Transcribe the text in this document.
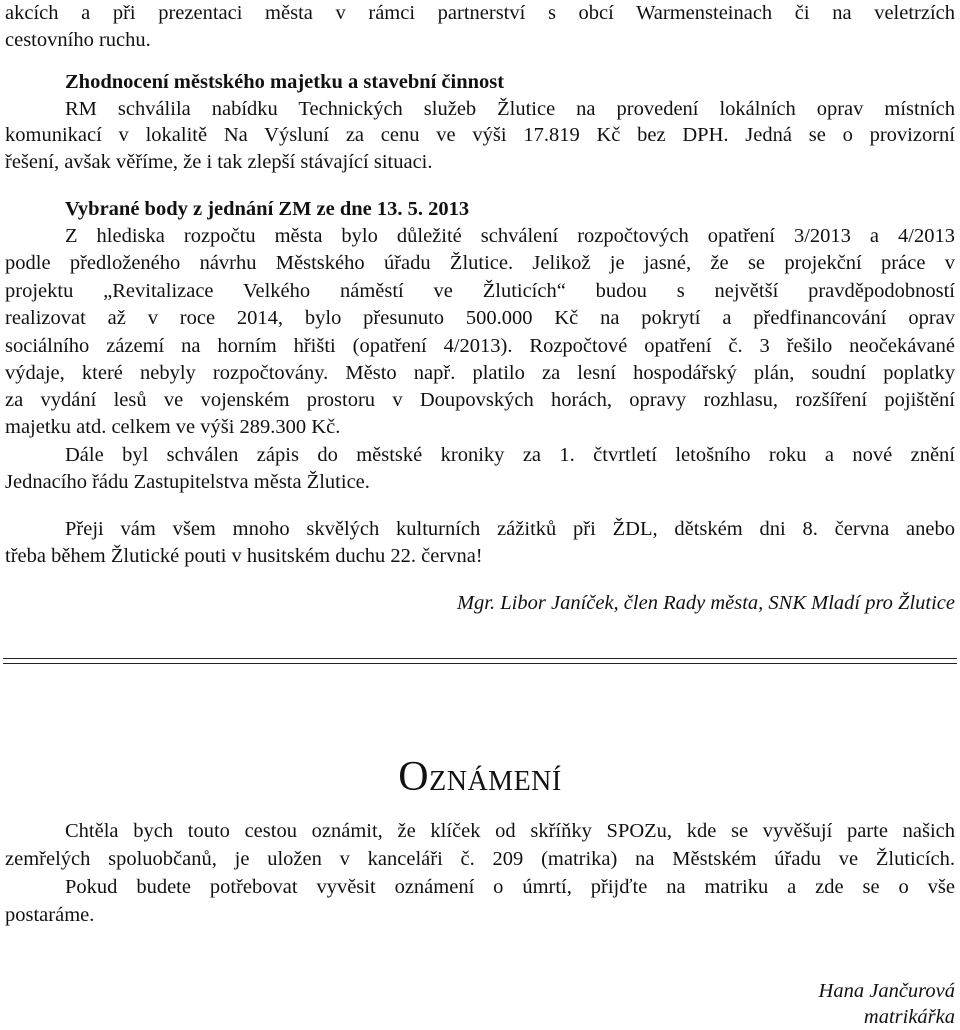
akcích a při prezentaci města v rámci partnerství s obcí Warmensteinach či na veletrzích
cestovního ruchu.
Zhodnocení městského majetku a stavební činnost
RM schválila nabídku Technických služeb Žlutice na provedení lokálních oprav místních
komunikací v lokalitě Na Výsluní za cenu ve výši 17.819 Kč bez DPH. Jedná se o provizorní
řešení, avšak věříme, že i tak zlepší stávající situaci.
Vybrané body z jednání ZM ze dne 13. 5. 2013
Z hlediska rozpočtu města bylo důležité schválení rozpočtových opatření 3/2013 a 4/2013
podle předloženého návrhu Městského úřadu Žlutice. Jelikož je jasné, že se projekční práce v
projektu „Revitalizace Velkého náměstí ve Žluticích“ budou s největší pravděpodobností
realizovat až v roce 2014, bylo přesunuto 500.000 Kč na pokrytí a předfinancování oprav
sociálního zázemí na horním hřišti (opatření 4/2013). Rozpočtové opatření č. 3 řešilo neočekávané
výdaje, které nebyly rozpočtovány. Město např. platilo za lesní hospodářský plán, soudní poplatky
za vydání lesů ve vojenském prostoru v Doupovských horách, opravy rozhlasu, rozšíření pojištění
majetku atd. celkem ve výši 289.300 Kč.
Dále byl schválen zápis do městské kroniky za 1. čtvrtletí letošního roku a nové znění
Jednacího řádu Zastupitelstva města Žlutice.
Přeji vám všem mnoho skvělých kulturních zážitků při ŽDL, dětském dni 8. června anebo
třeba během Žlutické pouti v husitském duchu 22. června!
Mgr. Libor Janíček, člen Rady města, SNK Mladí pro Žlutice
OZNÁMENÍ
Chtěla bych touto cestou oznámit, že klíček od skříňky SPOZu, kde se vyvěšují parte našich
zemřelých spoluobčanů, je uložen v kanceláři č. 209 (matrika) na Městském úřadu ve Žluticích.
Pokud budete potřebovat vyvěsit oznámení o úmrtí, přijďte na matriku a zde se o vše
postaráme.
Hana Jančurová
matrikářka
